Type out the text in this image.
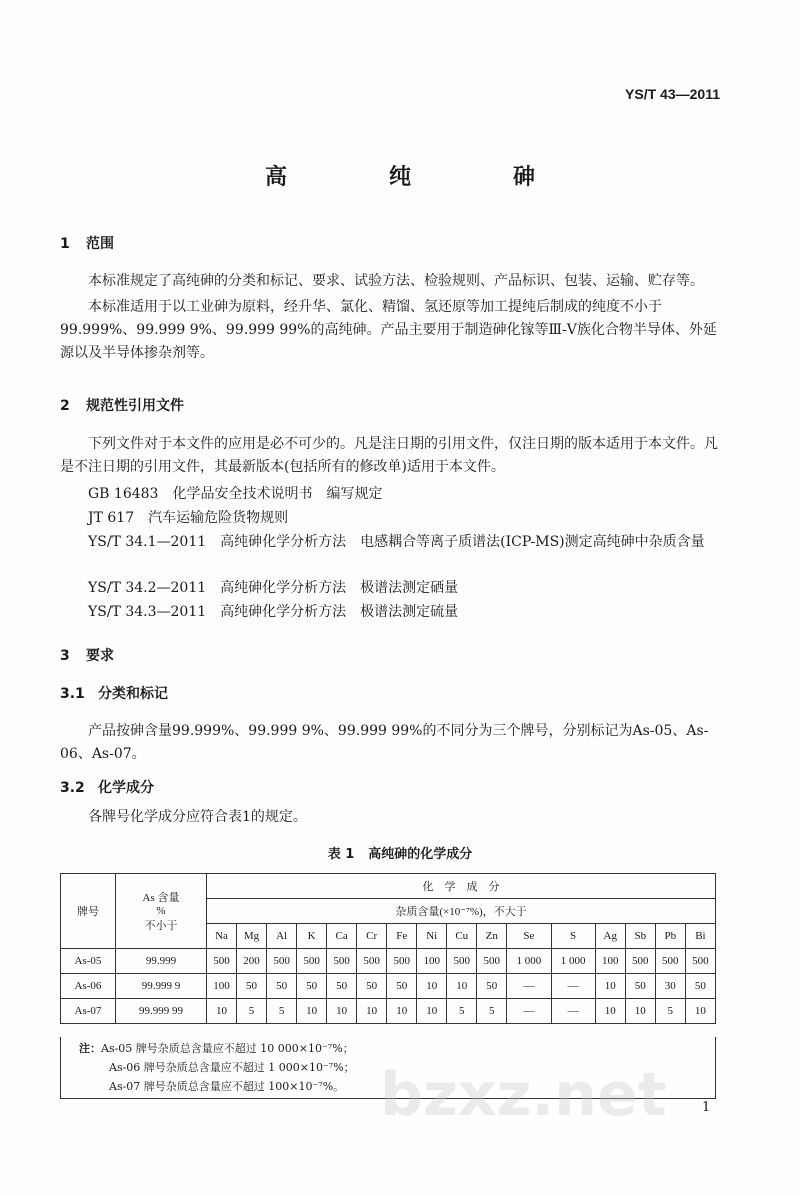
YS/T 43—2011
高　纯　砷
1 范围
本标准规定了高纯砷的分类和标记、要求、试验方法、检验规则、产品标识、包装、运输、贮存等。
本标准适用于以工业砷为原料，经升华、氯化、精馏、氢还原等加工提纯后制成的纯度不小于99.999%、99.999 9%、99.999 99%的高纯砷。产品主要用于制造砷化镓等Ⅲ-Ⅴ族化合物半导体、外延源以及半导体掺杂剂等。
2 规范性引用文件
下列文件对于本文件的应用是必不可少的。凡是注日期的引用文件，仅注日期的版本适用于本文件。凡是不注日期的引用文件，其最新版本(包括所有的修改单)适用于本文件。
GB 16483 化学品安全技术说明书　编写规定
JT 617 汽车运输危险货物规则
YS/T 34.1—2011 高纯砷化学分析方法　电感耦合等离子质谱法(ICP-MS)测定高纯砷中杂质含量
YS/T 34.2—2011 高纯砷化学分析方法　极谱法测定硒量
YS/T 34.3—2011 高纯砷化学分析方法　极谱法测定硫量
3 要求
3.1 分类和标记
产品按砷含量99.999%、99.999 9%、99.999 99%的不同分为三个牌号，分别标记为As-05、As-06、As-07。
3.2 化学成分
各牌号化学成分应符合表1的规定。
表 1 高纯砷的化学成分
牌号	As 含量
%
不小于	化　学　成　分															
		杂质含量(×10⁻⁷%)，不大于															
		Na	Mg	Al	K	Ca	Cr	Fe	Ni	Cu	Zn	Se	S	Ag	Sb	Pb	Bi
As-05	99.999	500	200	500	500	500	500	500	100	500	500	1 000	1 000	100	500	500	500
As-06	99.999 9	100	50	50	50	50	50	50	10	10	50	—	—	10	50	30	50
As-07	99.999 99	10	5	5	10	10	10	10	10	5	5	—	—	10	10	5	10
注：As-05 牌号杂质总含量应不超过 10 000×10⁻⁷%；
As-06 牌号杂质总含量应不超过 1 000×10⁻⁷%；
As-07 牌号杂质总含量应不超过 100×10⁻⁷%。 bzxz.net	1
